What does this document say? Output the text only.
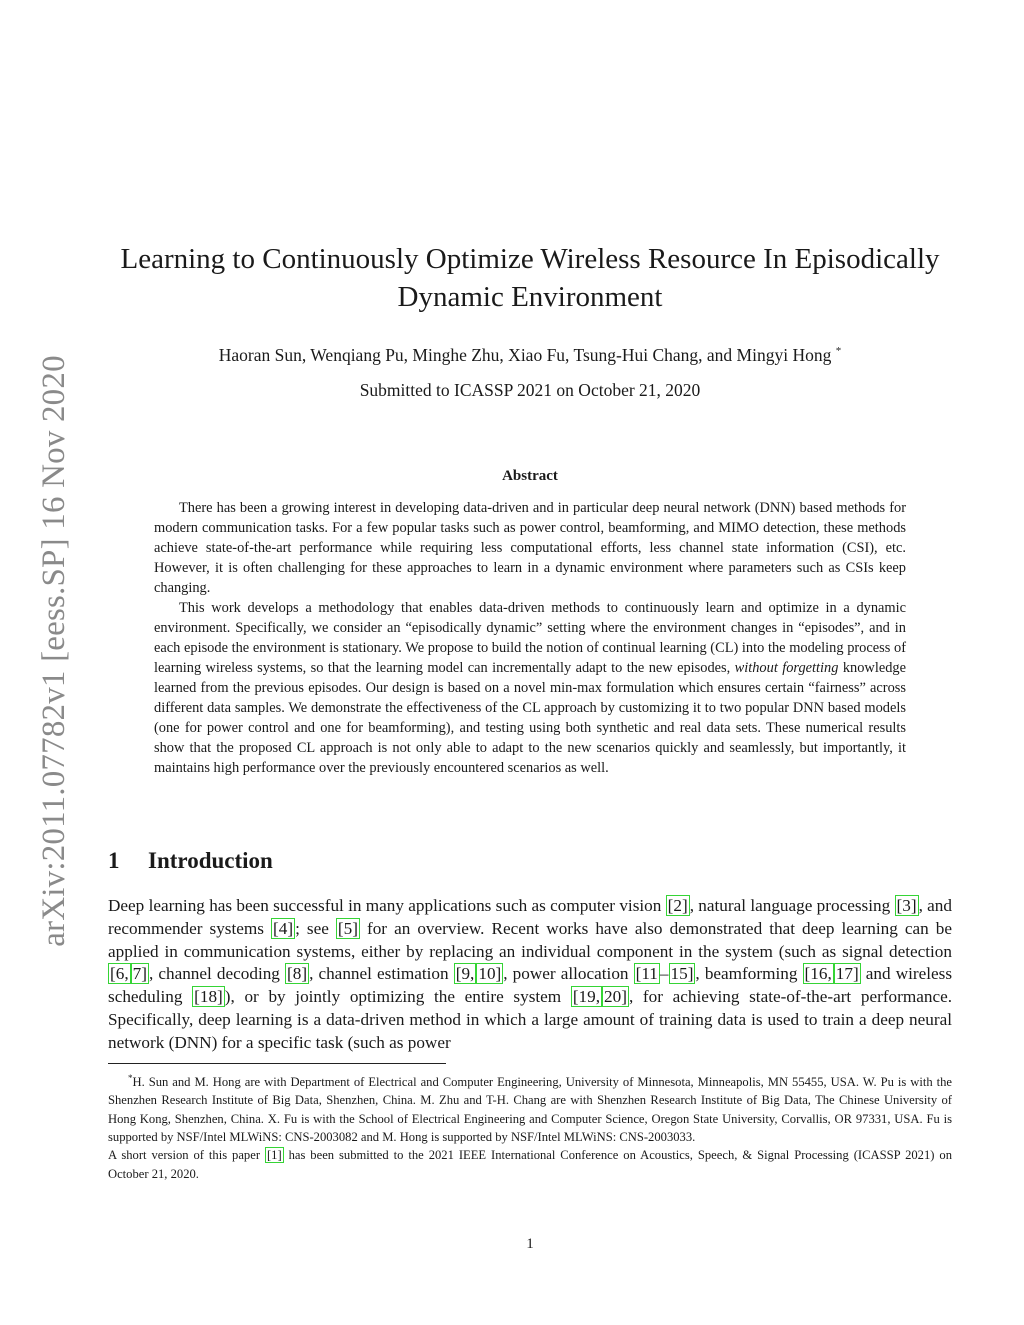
arXiv:2011.07782v1 [eess.SP] 16 Nov 2020
Learning to Continuously Optimize Wireless Resource In Episodically
Dynamic Environment
Haoran Sun, Wenqiang Pu, Minghe Zhu, Xiao Fu, Tsung-Hui Chang, and Mingyi Hong *
Submitted to ICASSP 2021 on October 21, 2020
Abstract

There has been a growing interest in developing data-driven and in particular deep neural network (DNN) based methods for modern communication tasks. For a few popular tasks such as power control, beamforming, and MIMO detection, these methods achieve state-of-the-art performance while requiring less computational efforts, less channel state information (CSI), etc. However, it is often challenging for these approaches to learn in a dynamic environment where parameters such as CSIs keep changing.

This work develops a methodology that enables data-driven methods to continuously learn and optimize in a dynamic environment. Specifically, we consider an “episodically dynamic” setting where the environment changes in “episodes”, and in each episode the environment is stationary. We propose to build the notion of continual learning (CL) into the modeling process of learning wireless systems, so that the learning model can incrementally adapt to the new episodes, without forgetting knowledge learned from the previous episodes. Our design is based on a novel min-max formulation which ensures certain “fairness” across different data samples. We demonstrate the effectiveness of the CL approach by customizing it to two popular DNN based models (one for power control and one for beamforming), and testing using both synthetic and real data sets. These numerical results show that the proposed CL approach is not only able to adapt to the new scenarios quickly and seamlessly, but importantly, it maintains high performance over the previously encountered scenarios as well.

1 Introduction

Deep learning has been successful in many applications such as computer vision [2] , natural language processing [3] , and recommender systems [4] ; see [5] for an overview. Recent works have also demonstrated that deep learning can be applied in communication systems, either by replacing an individual component in the system (such as signal detection [6, 7] , channel decoding [8] , channel estimation [9, 10] , power allocation [11 – 15] , beamforming [16, 17] and wireless scheduling [18] ), or by jointly optimizing the entire system [19, 20] , for achieving state-of-the-art performance. Specifically, deep learning is a data-driven method in which a large amount of training data is used to train a deep neural network (DNN) for a specific task (such as power

*H. Sun and M. Hong are with Department of Electrical and Computer Engineering, University of Minnesota, Minneapolis, MN 55455, USA. W. Pu is with the Shenzhen Research Institute of Big Data, Shenzhen, China. M. Zhu and T-H. Chang are with Shenzhen Research Institute of Big Data, The Chinese University of Hong Kong, Shenzhen, China. X. Fu is with the School of Electrical Engineering and Computer Science, Oregon State University, Corvallis, OR 97331, USA. Fu is supported by NSF/Intel MLWiNS: CNS-2003082 and M. Hong is supported by NSF/Intel MLWiNS: CNS-2003033.

A short version of this paper [1] has been submitted to the 2021 IEEE International Conference on Acoustics, Speech, & Signal Processing (ICASSP 2021) on October 21, 2020.

1
